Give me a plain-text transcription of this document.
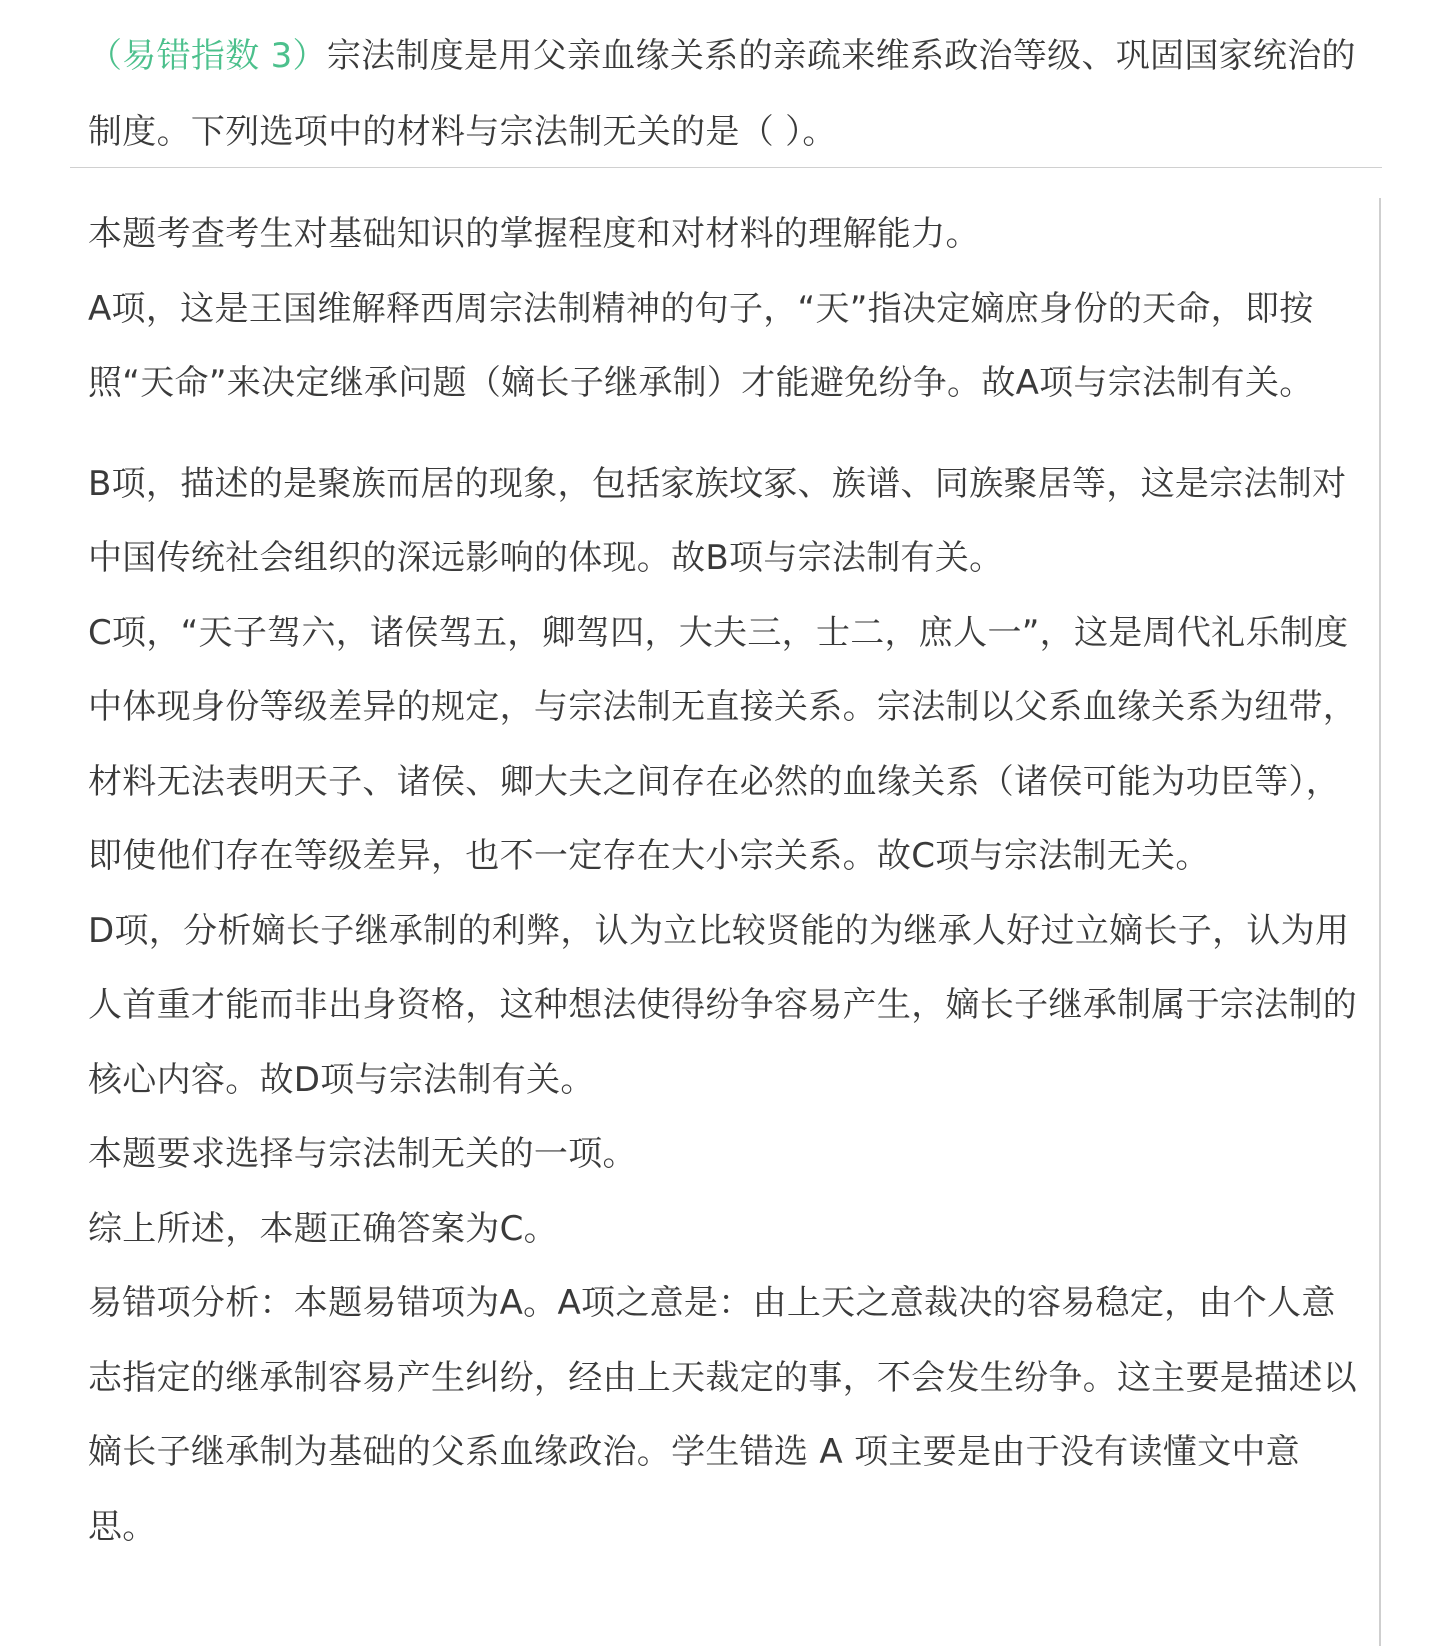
（易错指数 3）宗法制度是用父亲血缘关系的亲疏来维系政治等级、巩固国家统治的制度。下列选项中的材料与宗法制无关的是（ ）。

本题考查考生对基础知识的掌握程度和对材料的理解能力。

A项，这是王国维解释西周宗法制精神的句子，“天”指决定嫡庶身份的天命，即按照“天命”来决定继承问题（嫡长子继承制）才能避免纷争。故A项与宗法制有关。

B项，描述的是聚族而居的现象，包括家族坟冢、族谱、同族聚居等，这是宗法制对中国传统社会组织的深远影响的体现。故B项与宗法制有关。

C项，“天子驾六，诸侯驾五，卿驾四，大夫三，士二，庶人一”，这是周代礼乐制度中体现身份等级差异的规定，与宗法制无直接关系。宗法制以父系血缘关系为纽带，材料无法表明天子、诸侯、卿大夫之间存在必然的血缘关系（诸侯可能为功臣等），即使他们存在等级差异，也不一定存在大小宗关系。故C项与宗法制无关。

D项，分析嫡长子继承制的利弊，认为立比较贤能的为继承人好过立嫡长子，认为用人首重才能而非出身资格，这种想法使得纷争容易产生，嫡长子继承制属于宗法制的核心内容。故D项与宗法制有关。

本题要求选择与宗法制无关的一项。

综上所述，本题正确答案为C。

易错项分析：本题易错项为A。A项之意是：由上天之意裁决的容易稳定，由个人意志指定的继承制容易产生纠纷，经由上天裁定的事，不会发生纷争。这主要是描述以嫡长子继承制为基础的父系血缘政治。学生错选 A 项主要是由于没有读懂文中意思。
